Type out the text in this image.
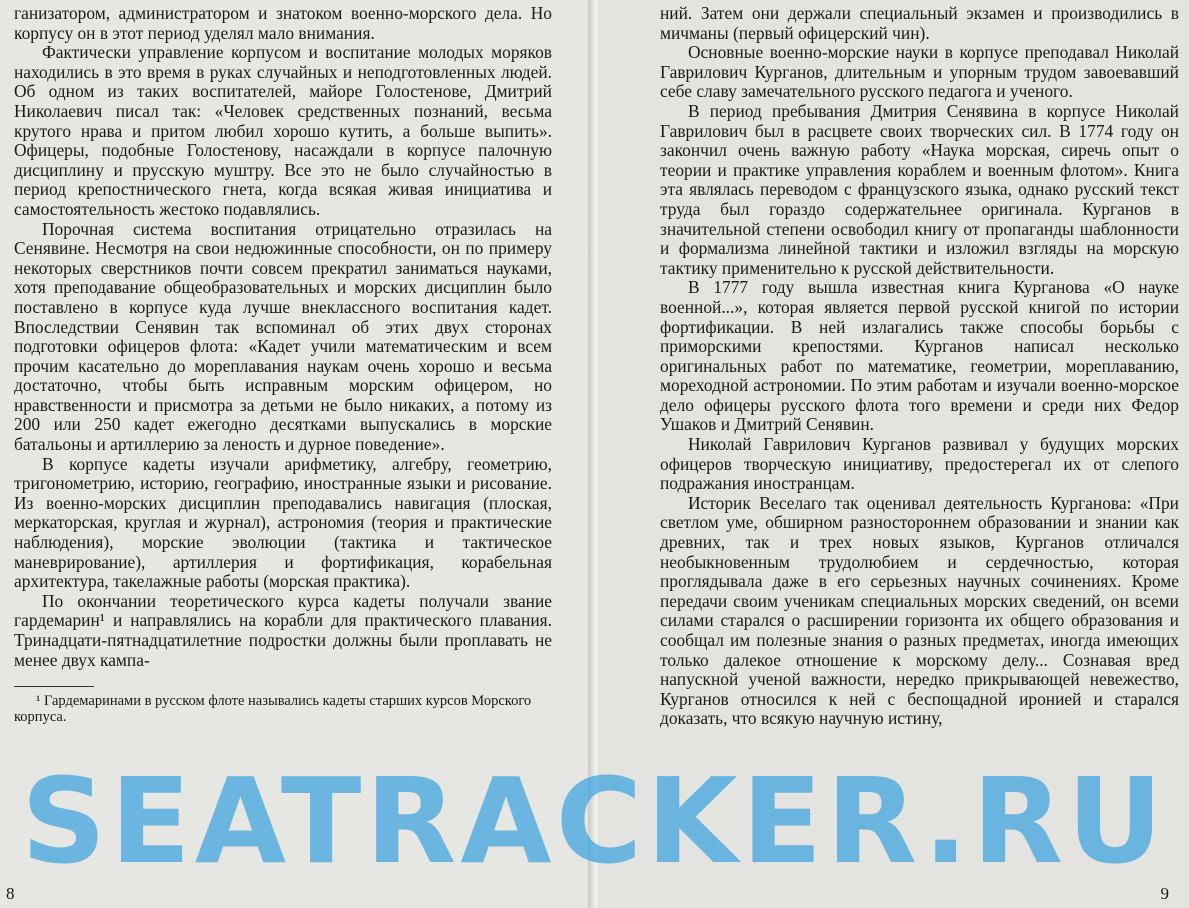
ганизатором, администратором и знатоком военно-морского дела. Но корпусу он в этот период уделял мало внимания.

Фактически управление корпусом и воспитание молодых моряков находились в это время в руках случайных и неподготовленных людей. Об одном из таких воспитателей, майоре Голостенове, Дмитрий Николаевич писал так: «Человек средственных познаний, весьма крутого нрава и притом любил хорошо кутить, а больше выпить». Офицеры, подобные Голостенову, насаждали в корпусе палочную дисциплину и прусскую муштру. Все это не было случайностью в период крепостнического гнета, когда всякая живая инициатива и самостоятельность жестоко подавлялись.

Порочная система воспитания отрицательно отразилась на Сенявине. Несмотря на свои недюжинные способности, он по примеру некоторых сверстников почти совсем прекратил заниматься науками, хотя преподавание общеобразовательных и морских дисциплин было поставлено в корпусе куда лучше внеклассного воспитания кадет. Впоследствии Сенявин так вспоминал об этих двух сторонах подготовки офицеров флота: «Кадет учили математическим и всем прочим касательно до мореплавания наукам очень хорошо и весьма достаточно, чтобы быть исправным морским офицером, но нравственности и присмотра за детьми не было никаких, а потому из 200 или 250 кадет ежегодно десятками выпускались в морские батальоны и артиллерию за леность и дурное поведение».

В корпусе кадеты изучали арифметику, алгебру, геометрию, тригонометрию, историю, географию, иностранные языки и рисование. Из военно-морских дисциплин преподавались навигация (плоская, меркаторская, круглая и журнал), астрономия (теория и практические наблюдения), морские эволюции (тактика и тактическое маневрирование), артиллерия и фортификация, корабельная архитектура, такелажные работы (морская практика).

По окончании теоретического курса кадеты получали звание гардемарин¹ и направлялись на корабли для практического плавания. Тринадцати-пятнадцатилетние подростки должны были проплавать не менее двух кампа-

¹ Гардемаринами в русском флоте назывались кадеты старших курсов Морского корпуса.

8

ний. Затем они держали специальный экзамен и производились в мичманы (первый офицерский чин).

Основные военно-морские науки в корпусе преподавал Николай Гаврилович Курганов, длительным и упорным трудом завоевавший себе славу замечательного русского педагога и ученого.

В период пребывания Дмитрия Сенявина в корпусе Николай Гаврилович был в расцвете своих творческих сил. В 1774 году он закончил очень важную работу «Наука морская, сиречь опыт о теории и практике управления кораблем и военным флотом». Книга эта являлась переводом с французского языка, однако русский текст труда был гораздо содержательнее оригинала. Курганов в значительной степени освободил книгу от пропаганды шаблонности и формализма линейной тактики и изложил взгляды на морскую тактику применительно к русской действительности.

В 1777 году вышла известная книга Курганова «О науке военной...», которая является первой русской книгой по истории фортификации. В ней излагались также способы борьбы с приморскими крепостями. Курганов написал несколько оригинальных работ по математике, геометрии, мореплаванию, мореходной астрономии. По этим работам и изучали военно-морское дело офицеры русского флота того времени и среди них Федор Ушаков и Дмитрий Сенявин.

Николай Гаврилович Курганов развивал у будущих морских офицеров творческую инициативу, предостерегал их от слепого подражания иностранцам.

Историк Веселаго так оценивал деятельность Курганова: «При светлом уме, обширном разностороннем образовании и знании как древних, так и трех новых языков, Курганов отличался необыкновенным трудолюбием и сердечностью, которая проглядывала даже в его серьезных научных сочинениях. Кроме передачи своим ученикам специальных морских сведений, он всеми силами старался о расширении горизонта их общего образования и сообщал им полезные знания о разных предметах, иногда имеющих только далекое отношение к морскому делу... Сознавая вред напускной ученой важности, нередко прикрывающей невежество, Курганов относился к ней с беспощадной иронией и старался доказать, что всякую научную истину,

9
SEATRACKER.RU
